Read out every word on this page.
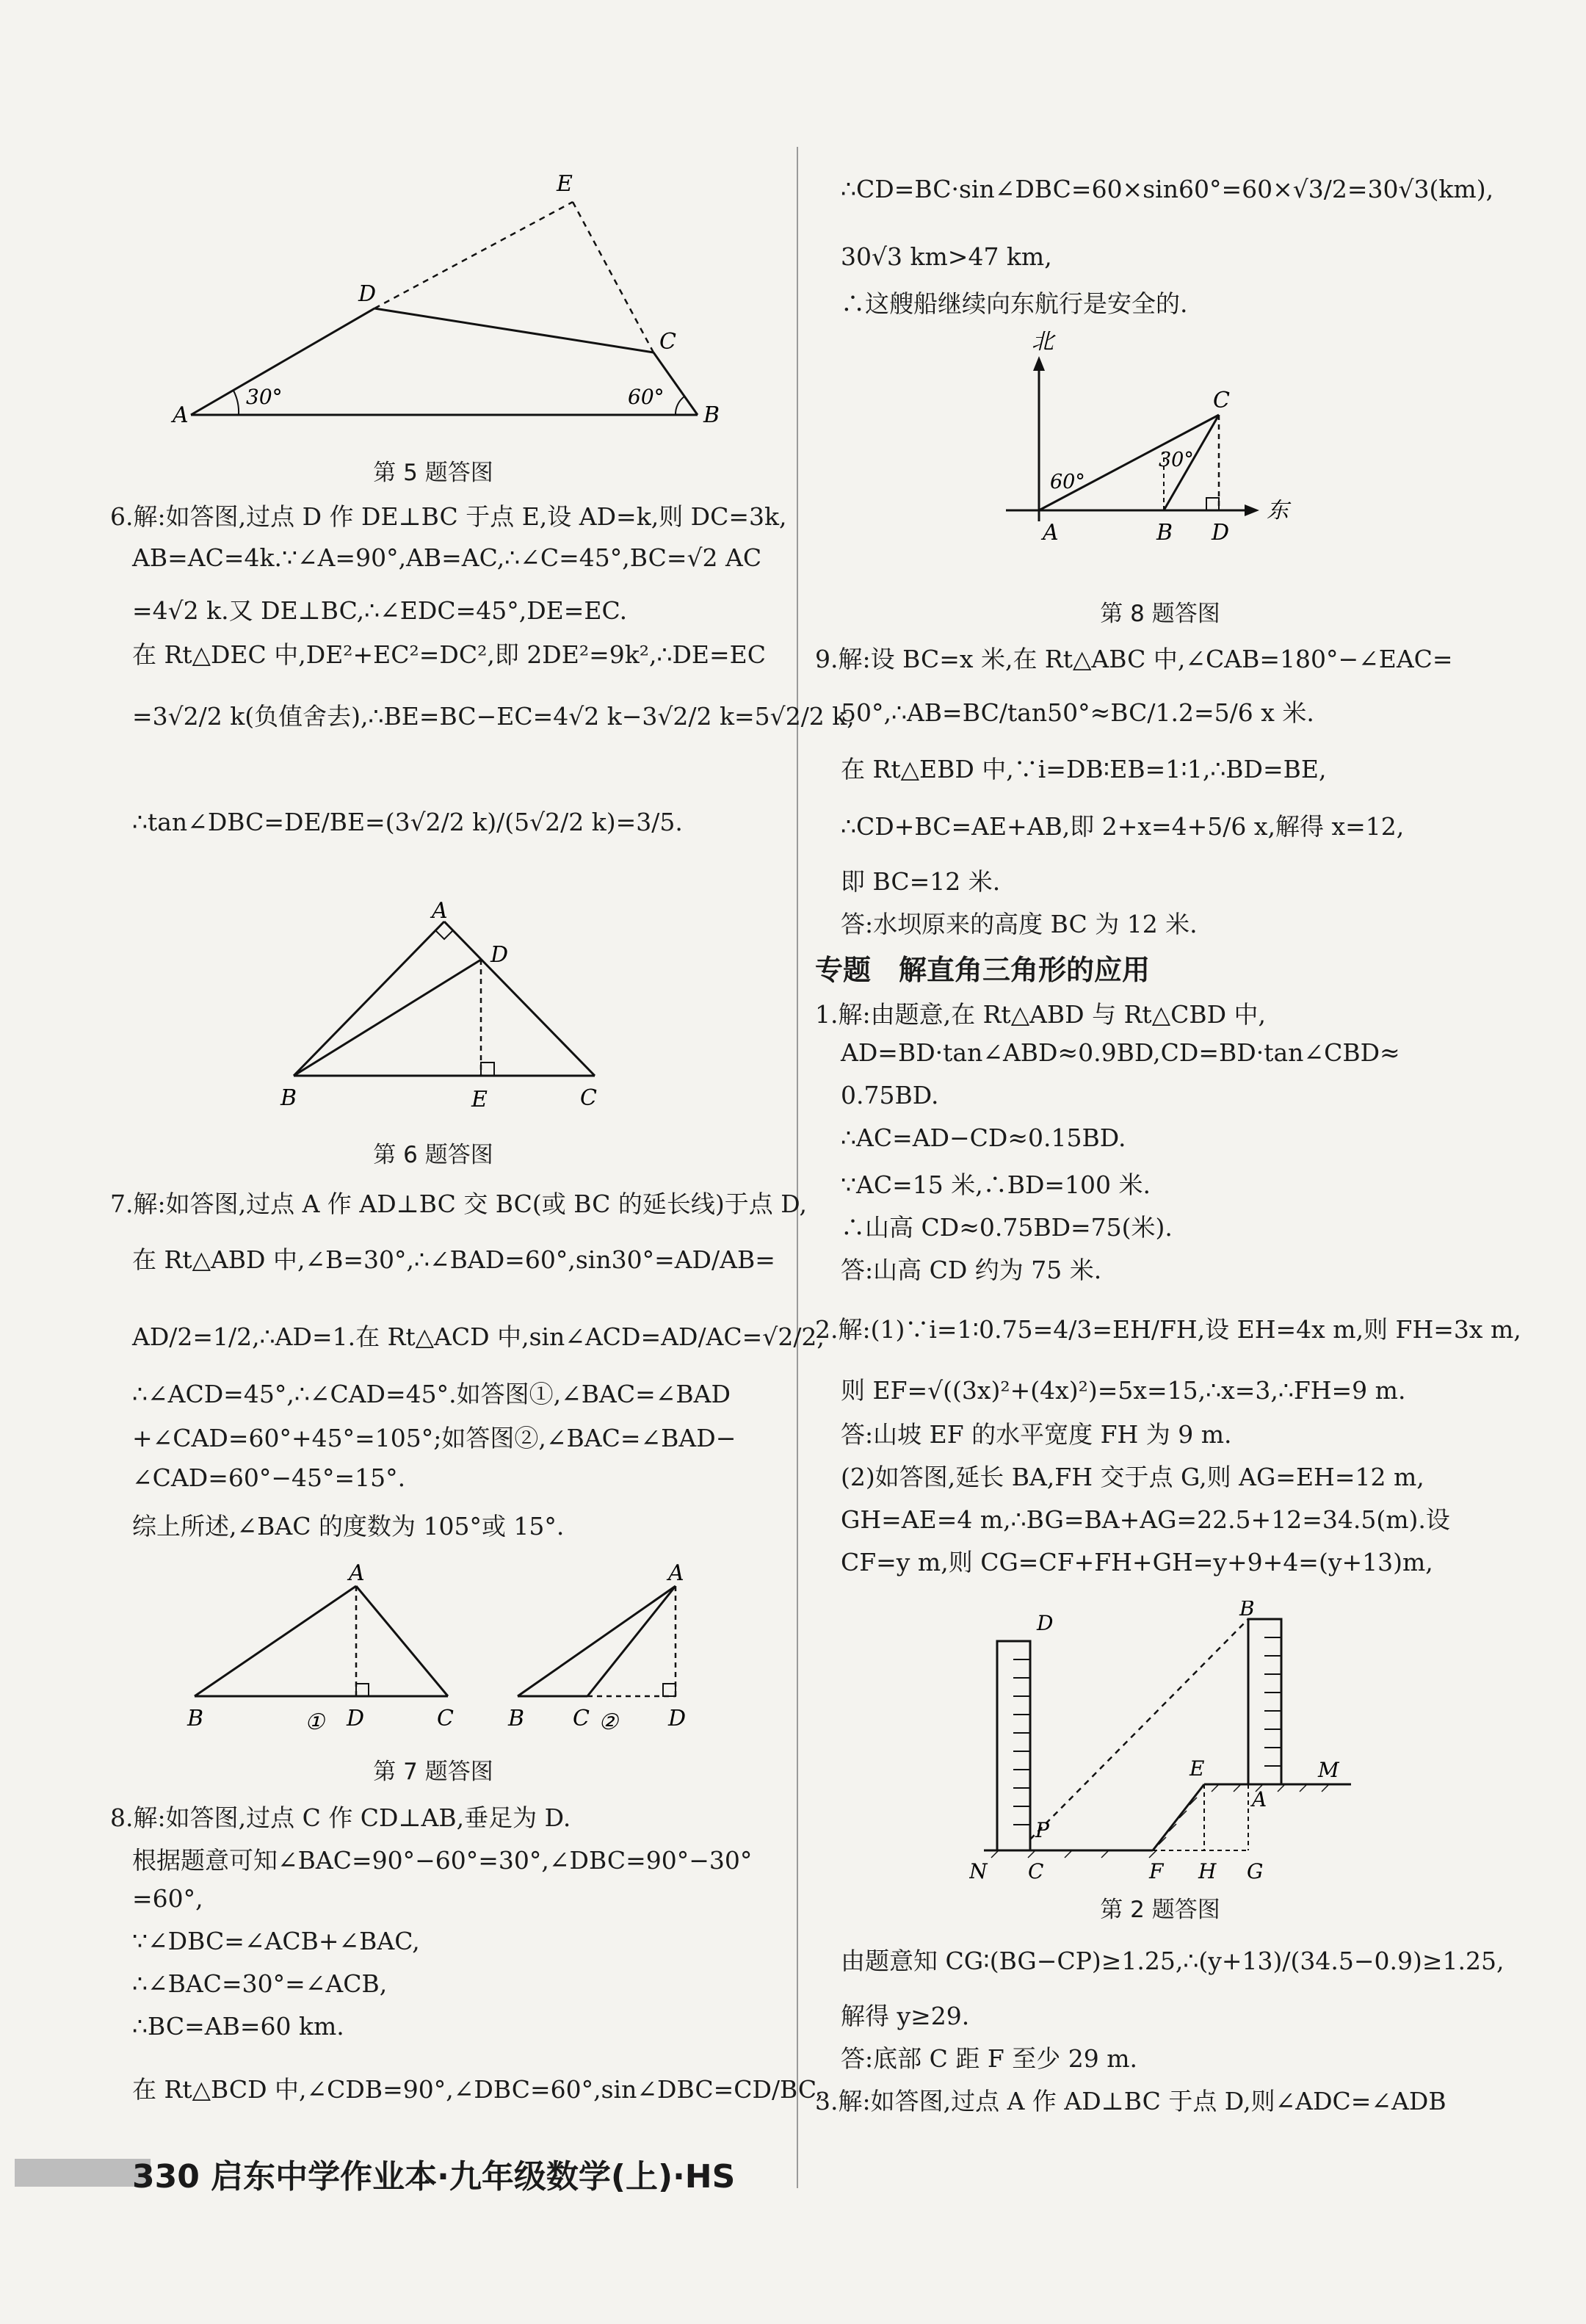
A	B
C
D
E
30°	60°
第 5 题答图
6.解:如答图,过点 D 作 DE⊥BC 于点 E,设 AD=k,则 DC=3k,
AB=AC=4k.∵∠A=90°,AB=AC,∴∠C=45°,BC=√2 AC
=4√2 k.又 DE⊥BC,∴∠EDC=45°,DE=EC.
在 Rt△DEC 中,DE²+EC²=DC²,即 2DE²=9k²,∴DE=EC
=3√2/2 k(负值舍去),∴BE=BC−EC=4√2 k−3√2/2 k=5√2/2 k,
∴tan∠DBC=DE/BE=(3√2/2 k)/(5√2/2 k)=3/5.
B	C
A
D
E
第 6 题答图
7.解:如答图,过点 A 作 AD⊥BC 交 BC(或 BC 的延长线)于点 D,
在 Rt△ABD 中,∠B=30°,∴∠BAD=60°,sin30°=AD/AB=
AD/2=1/2,∴AD=1.在 Rt△ACD 中,sin∠ACD=AD/AC=√2/2,
∴∠ACD=45°,∴∠CAD=45°.如答图①,∠BAC=∠BAD
+∠CAD=60°+45°=105°;如答图②,∠BAC=∠BAD−
∠CAD=60°−45°=15°.
综上所述,∠BAC 的度数为 105°或 15°.
B	D	C
A
B C	D
A
①	②
第 7 题答图
8.解:如答图,过点 C 作 CD⊥AB,垂足为 D.
根据题意可知∠BAC=90°−60°=30°,∠DBC=90°−30°
=60°,
∵∠DBC=∠ACB+∠BAC,
∴∠BAC=30°=∠ACB,
∴BC=AB=60 km.
在 Rt△BCD 中,∠CDB=90°,∠DBC=60°,sin∠DBC=CD/BC,
∴CD=BC·sin∠DBC=60×sin60°=60×√3/2=30√3(km),
30√3 km>47 km,
∴这艘船继续向东航行是安全的.
北
东
A	B
C
D
60°
30°
第 8 题答图
9.解:设 BC=x 米,在 Rt△ABC 中,∠CAB=180°−∠EAC=
50°,∴AB=BC/tan50°≈BC/1.2=5/6 x 米.
在 Rt△EBD 中,∵i=DB∶EB=1∶1,∴BD=BE,
∴CD+BC=AE+AB,即 2+x=4+5/6 x,解得 x=12,
即 BC=12 米.
答:水坝原来的高度 BC 为 12 米.
专题　解直角三角形的应用
1.解:由题意,在 Rt△ABD 与 Rt△CBD 中,
AD=BD·tan∠ABD≈0.9BD,CD=BD·tan∠CBD≈
0.75BD.
∴AC=AD−CD≈0.15BD.
∵AC=15 米,∴BD=100 米.
∴山高 CD≈0.75BD=75(米).
答:山高 CD 约为 75 米.
2.解:(1)∵i=1∶0.75=4/3=EH/FH,设 EH=4x m,则 FH=3x m,
则 EF=√((3x)²+(4x)²)=5x=15,∴x=3,∴FH=9 m.
答:山坡 EF 的水平宽度 FH 为 9 m.
(2)如答图,延长 BA,FH 交于点 G,则 AG=EH=12 m,
GH=AE=4 m,∴BG=BA+AG=22.5+12=34.5(m).设
CF=y m,则 CG=CF+FH+GH=y+9+4=(y+13)m,
D
B
E
A
M
N C
P
F H G
第 2 题答图
由题意知 CG∶(BG−CP)≥1.25,∴(y+13)/(34.5−0.9)≥1.25,
解得 y≥29.
答:底部 C 距 F 至少 29 m.
3.解:如答图,过点 A 作 AD⊥BC 于点 D,则∠ADC=∠ADB
330 启东中学作业本·九年级数学(上)·HS
